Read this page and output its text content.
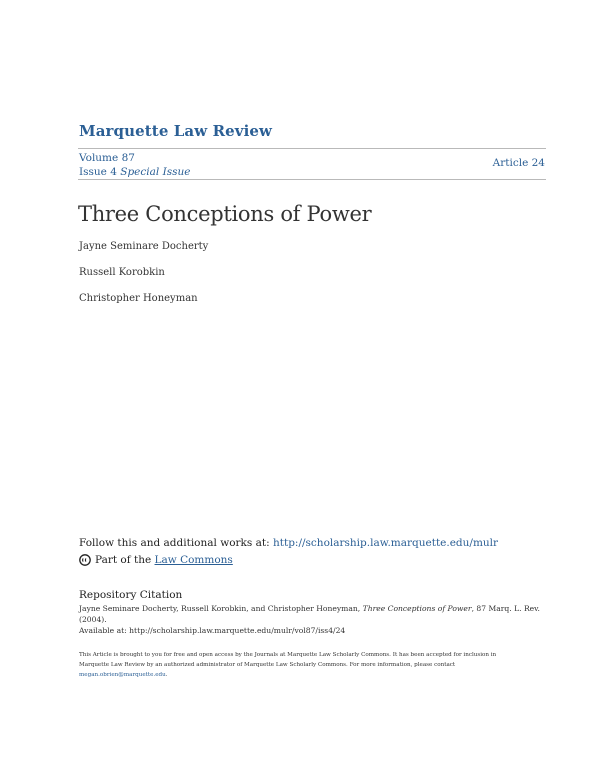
Marquette Law Review
Volume 87
Issue 4 Special Issue
Article 24
Three Conceptions of Power
Jayne Seminare Docherty
Russell Korobkin
Christopher Honeyman
Follow this and additional works at: http://scholarship.law.marquette.edu/mulr
Part of the
Law Commons
Repository Citation
Jayne Seminare Docherty, Russell Korobkin, and Christopher Honeyman, Three Conceptions of Power, 87 Marq. L. Rev. (2004).
Available at: http://scholarship.law.marquette.edu/mulr/vol87/iss4/24
This Article is brought to you for free and open access by the Journals at Marquette Law Scholarly Commons. It has been accepted for inclusion in
Marquette Law Review by an authorized administrator of Marquette Law Scholarly Commons. For more information, please contact
megan.obrien@marquette.edu.
